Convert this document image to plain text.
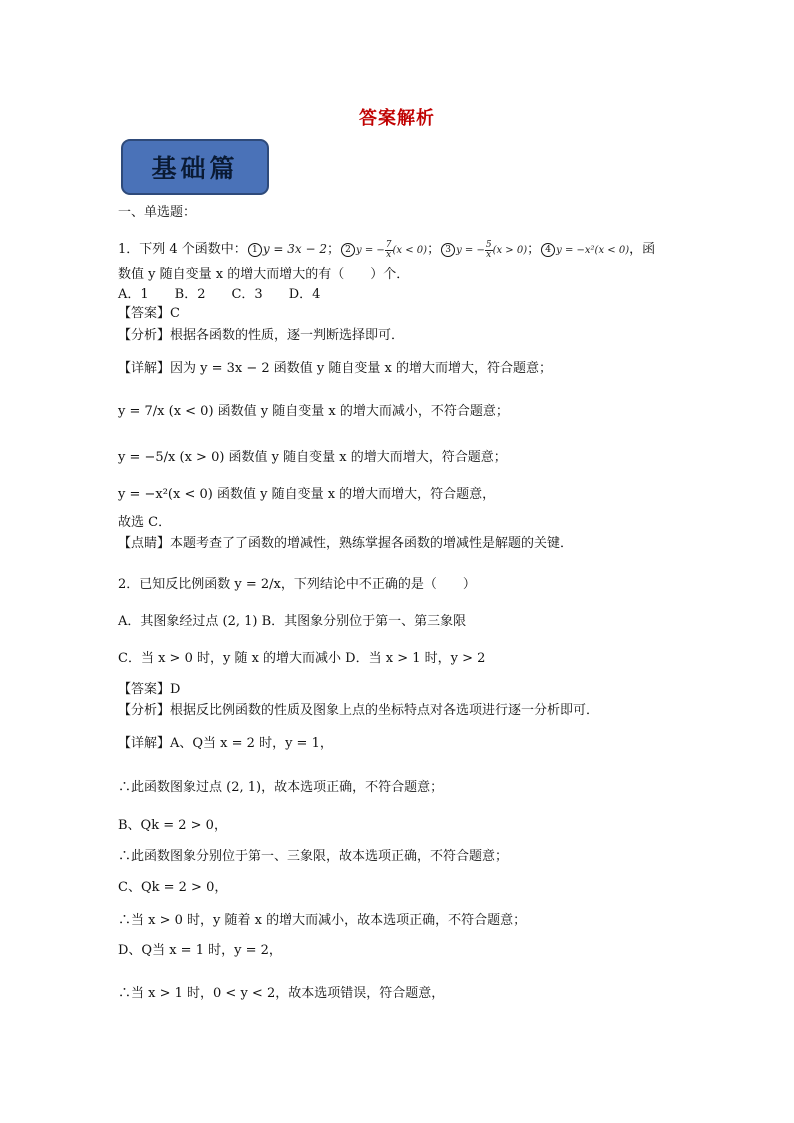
答案解析
基础篇
一、单选题：
1．下列 4 个函数中： 1 y = 3x − 2； 2 y = − $\frac{7}{x} (x < 0)$； 3 y = − $\frac{5}{x} (x > 0)$； 4 y = −x²(x < 0)，函
数值 y 随自变量 x 的增大而增大的有（　　）个．
A．1　　B．2　　C．3　　D．4
【答案】C
【分析】根据各函数的性质，逐一判断选择即可．
【详解】因为 y = 3x − 2 函数值 y 随自变量 x 的增大而增大，符合题意；
y = 7/x (x < 0) 函数值 y 随自变量 x 的增大而减小，不符合题意；
y = −5/x (x > 0) 函数值 y 随自变量 x 的增大而增大，符合题意；
y = −x²(x < 0) 函数值 y 随自变量 x 的增大而增大，符合题意，
故选 C．
【点睛】本题考查了了函数的增减性，熟练掌握各函数的增减性是解题的关键．
2．已知反比例函数 y = 2/x，下列结论中不正确的是（　　）
A．其图象经过点 (2, 1) B．其图象分别位于第一、第三象限
C．当 x > 0 时，y 随 x 的增大而减小 D．当 x > 1 时，y > 2
【答案】D
【分析】根据反比例函数的性质及图象上点的坐标特点对各选项进行逐一分析即可．
【详解】A、Q当 x = 2 时，y = 1，
∴此函数图象过点 (2, 1)，故本选项正确，不符合题意；
B、Qk = 2 > 0，
∴此函数图象分别位于第一、三象限，故本选项正确，不符合题意；
C、Qk = 2 > 0，
∴当 x > 0 时，y 随着 x 的增大而减小，故本选项正确，不符合题意；
D、Q当 x = 1 时，y = 2，
∴当 x > 1 时，0 < y < 2，故本选项错误，符合题意，
